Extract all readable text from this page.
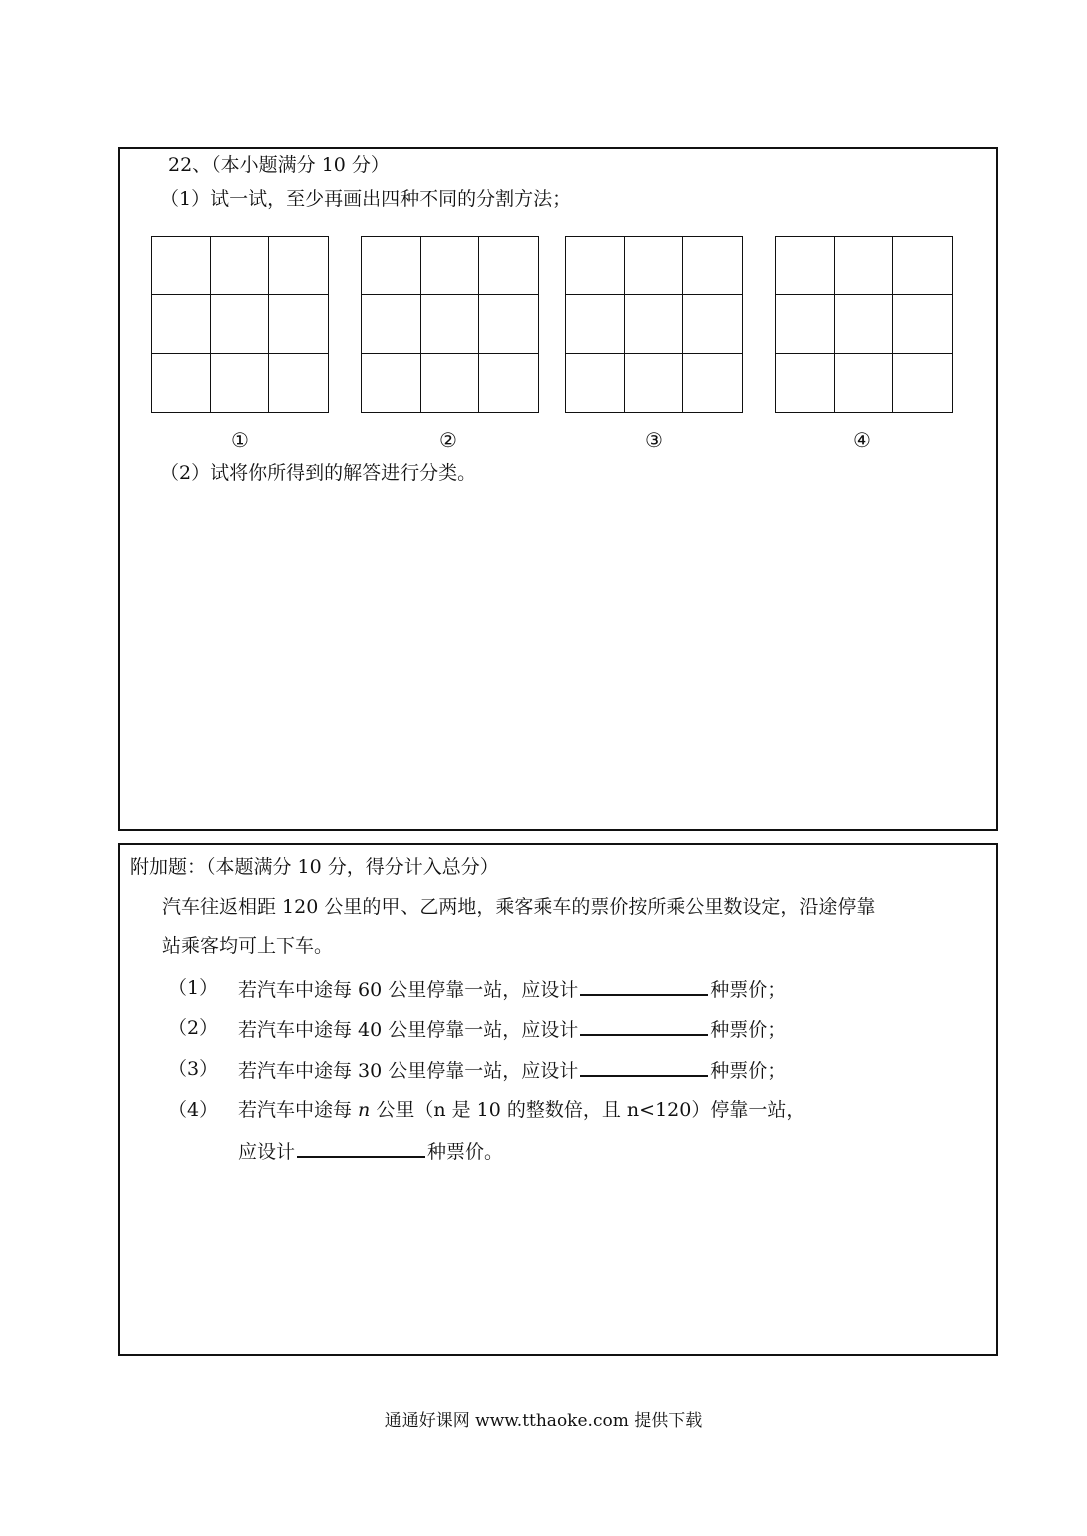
22、（本小题满分 10 分）
（1）试一试，至少再画出四种不同的分割方法；
①	②	③	④
（2）试将你所得到的解答进行分类。
附加题：（本题满分 10 分，得分计入总分）
汽车往返相距 120 公里的甲、乙两地，乘客乘车的票价按所乘公里数设定，沿途停靠
站乘客均可上下车。
（1） 若汽车中途每 60 公里停靠一站，应设计	种票价；
（2） 若汽车中途每 40 公里停靠一站，应设计	种票价；
（3） 若汽车中途每 30 公里停靠一站，应设计	种票价；
（4） 若汽车中途每 n 公里（n 是 10 的整数倍，且 n<120）停靠一站，
应设计	种票价。
通通好课网 www.tthaoke.com 提供下载
